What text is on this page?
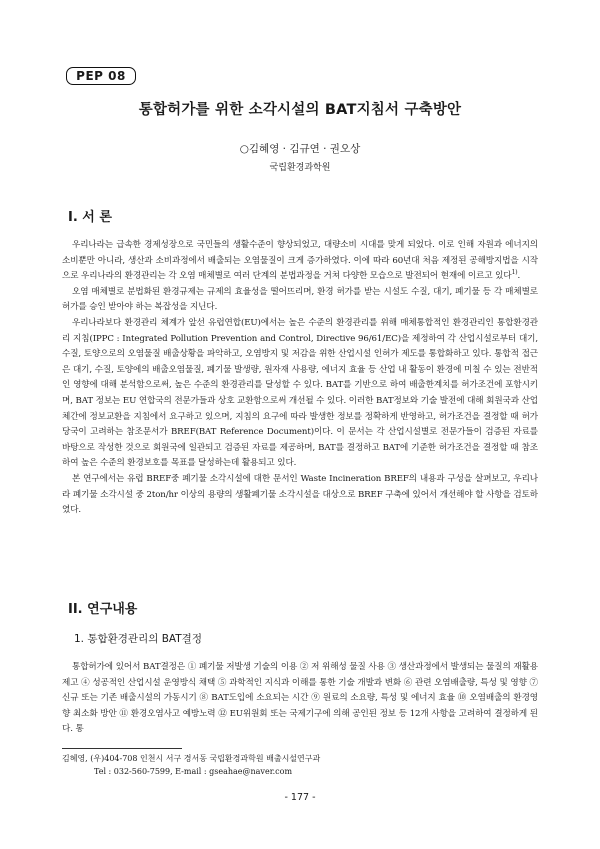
PEP 08
통합허가를 위한 소각시설의 BAT지침서 구축방안
○김혜영 · 김규연 · 권오상
국립환경과학원
I. 서 론

우리나라는 급속한 경제성장으로 국민들의 생활수준이 향상되었고, 대량소비 시대를 맞게 되었다. 이로 인해 자원과 에너지의 소비뿐만 아니라, 생산과 소비과정에서 배출되는 오염물질이 크게 증가하였다. 이에 따라 60년대 처음 제정된 공해방지법을 시작으로 우리나라의 환경관리는 각 오염 매체별로 여러 단계의 분법과정을 거쳐 다양한 모습으로 발전되어 현재에 이르고 있다$^{1)}$.

오염 매체별로 분법화된 환경규제는 규제의 효율성을 떨어뜨리며, 환경 허가를 받는 시설도 수질, 대기, 폐기물 등 각 매체별로 허가를 승인 받아야 하는 복잡성을 지닌다.

우리나라보다 환경관리 체계가 앞선 유럽연합(EU)에서는 높은 수준의 환경관리를 위해 매체통합적인 환경관리인 통합환경관리 지침(IPPC : Integrated Pollution Prevention and Control, Directive 96/61/EC)을 제정하여 각 산업시설로부터 대기, 수질, 토양으로의 오염물질 배출상황을 파악하고, 오염방지 및 저감을 위한 산업시설 인허가 제도를 통합화하고 있다. 통합적 접근은 대기, 수질, 토양에의 배출오염물질, 폐기물 발생량, 원자재 사용량, 에너지 효율 등 산업 내 활동이 환경에 미칠 수 있는 전반적인 영향에 대해 분석함으로써, 높은 수준의 환경관리를 달성할 수 있다. BAT를 기반으로 하여 배출한계치를 허가조건에 포함시키며, BAT 정보는 EU 연합국의 전문가들과 상호 교환함으로써 개선될 수 있다. 이러한 BAT정보와 기술 발전에 대해 회원국과 산업체간에 정보교환을 지침에서 요구하고 있으며, 지침의 요구에 따라 발생한 정보를 정확하게 반영하고, 허가조건을 결정할 때 허가당국이 고려하는 참조문서가 BREF(BAT Reference Document)이다. 이 문서는 각 산업시설별로 전문가들이 검증된 자료를 바탕으로 작성한 것으로 회원국에 일관되고 검증된 자료를 제공하며, BAT를 결정하고 BAT에 기준한 허가조건을 결정할 때 참조하여 높은 수준의 환경보호를 목표를 달성하는데 활용되고 있다.

본 연구에서는 유럽 BREF중 폐기물 소각시설에 대한 문서인 Waste Incineration BREF의 내용과 구성을 살펴보고, 우리나라 폐기물 소각시설 중 2ton/hr 이상의 용량의 생활폐기물 소각시설을 대상으로 BREF 구축에 있어서 개선해야 할 사항을 검토하였다.

II. 연구내용
1. 통합환경관리의 BAT결정

통합허가에 있어서 BAT결정은 ① 폐기물 저발생 기술의 이용 ② 저 위해성 물질 사용 ③ 생산과정에서 발생되는 물질의 재활용 제고 ④ 성공적인 산업시설 운영방식 채택 ⑤ 과학적인 지식과 이해를 통한 기술 개발과 변화 ⑥ 관련 오염배출량, 특성 및 영향 ⑦ 신규 또는 기존 배출시설의 가동시기 ⑧ BAT도입에 소요되는 시간 ⑨ 원료의 소요량, 특성 및 에너지 효율 ⑩ 오염배출의 환경영향 최소화 방안 ⑪ 환경오염사고 예방노력 ⑫ EU위원회 또는 국제기구에 의해 공인된 정보 등 12개 사항을 고려하여 결정하게 된다. 통

김혜영, (우)404-708 인천시 서구 경서동 국립환경과학원 배출시설연구과
Tel : 032-560-7599, E-mail : gseahae@naver.com
- 177 -
